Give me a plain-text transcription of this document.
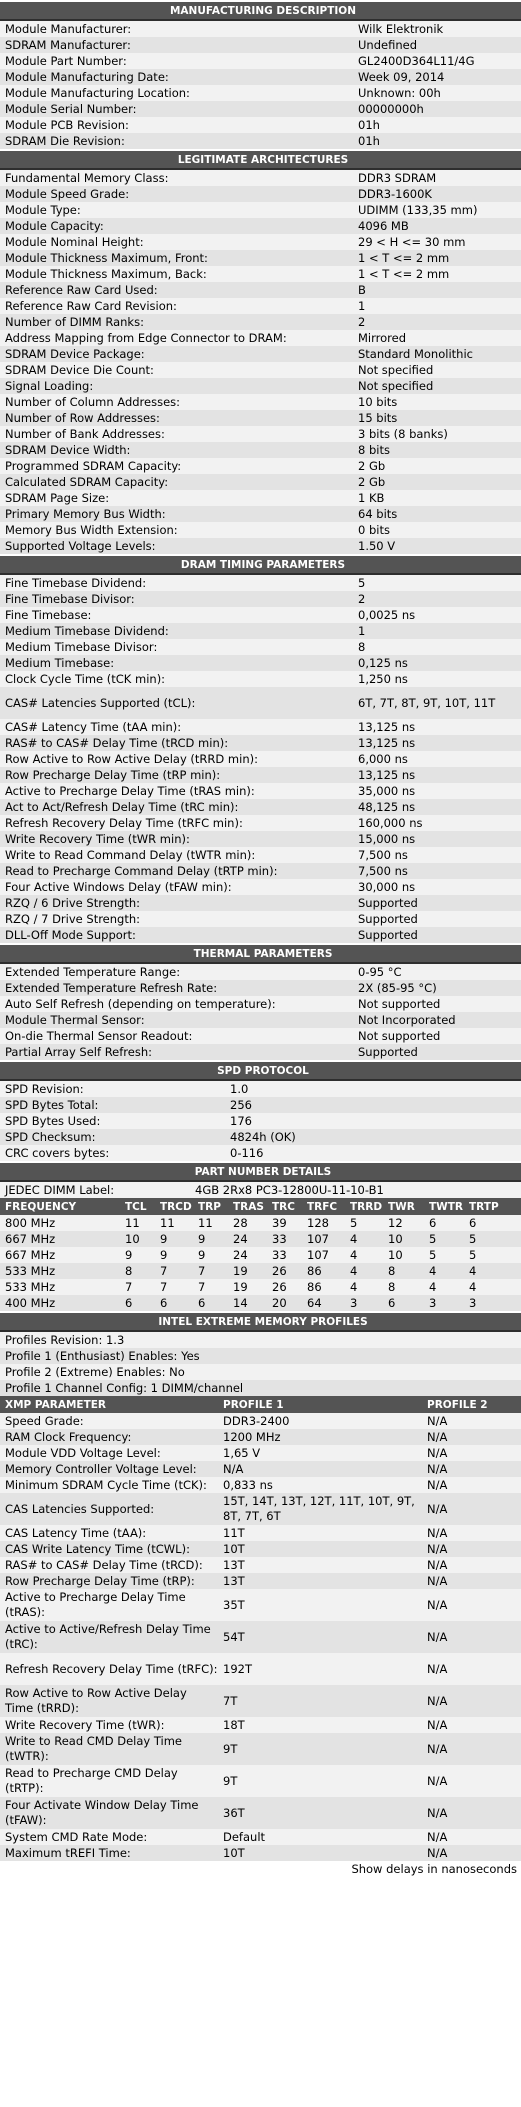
MANUFACTURING DESCRIPTION	
Module Manufacturer:	Wilk Elektronik
SDRAM Manufacturer:	Undefined
Module Part Number:	GL2400D364L11/4G
Module Manufacturing Date:	Week 09, 2014
Module Manufacturing Location:	Unknown: 00h
Module Serial Number:	00000000h
Module PCB Revision:	01h
SDRAM Die Revision:	01h
LEGITIMATE ARCHITECTURES	
Fundamental Memory Class:	DDR3 SDRAM
Module Speed Grade:	DDR3-1600K
Module Type:	UDIMM (133,35 mm)
Module Capacity:	4096 MB
Module Nominal Height:	29 < H <= 30 mm
Module Thickness Maximum, Front:	1 < T <= 2 mm
Module Thickness Maximum, Back:	1 < T <= 2 mm
Reference Raw Card Used:	B
Reference Raw Card Revision:	1
Number of DIMM Ranks:	2
Address Mapping from Edge Connector to DRAM:	Mirrored
SDRAM Device Package:	Standard Monolithic
SDRAM Device Die Count:	Not specified
Signal Loading:	Not specified
Number of Column Addresses:	10 bits
Number of Row Addresses:	15 bits
Number of Bank Addresses:	3 bits (8 banks)
SDRAM Device Width:	8 bits
Programmed SDRAM Capacity:	2 Gb
Calculated SDRAM Capacity:	2 Gb
SDRAM Page Size:	1 KB
Primary Memory Bus Width:	64 bits
Memory Bus Width Extension:	0 bits
Supported Voltage Levels:	1.50 V
DRAM TIMING PARAMETERS	
Fine Timebase Dividend:	5
Fine Timebase Divisor:	2
Fine Timebase:	0,0025 ns
Medium Timebase Dividend:	1
Medium Timebase Divisor:	8
Medium Timebase:	0,125 ns
Clock Cycle Time (tCK min):	1,250 ns
CAS# Latencies Supported (tCL):	6T, 7T, 8T, 9T, 10T, 11T
CAS# Latency Time (tAA min):	13,125 ns
RAS# to CAS# Delay Time (tRCD min):	13,125 ns
Row Active to Row Active Delay (tRRD min):	6,000 ns
Row Precharge Delay Time (tRP min):	13,125 ns
Active to Precharge Delay Time (tRAS min):	35,000 ns
Act to Act/Refresh Delay Time (tRC min):	48,125 ns
Refresh Recovery Delay Time (tRFC min):	160,000 ns
Write Recovery Time (tWR min):	15,000 ns
Write to Read Command Delay (tWTR min):	7,500 ns
Read to Precharge Command Delay (tRTP min):	7,500 ns
Four Active Windows Delay (tFAW min):	30,000 ns
RZQ / 6 Drive Strength:	Supported
RZQ / 7 Drive Strength:	Supported
DLL-Off Mode Support:	Supported
THERMAL PARAMETERS	
Extended Temperature Range:	0-95 °C
Extended Temperature Refresh Rate:	2X (85-95 °C)
Auto Self Refresh (depending on temperature):	Not supported
Module Thermal Sensor:	Not Incorporated
On-die Thermal Sensor Readout:	Not supported
Partial Array Self Refresh:	Supported
SPD PROTOCOL	
SPD Revision:	1.0
SPD Bytes Total:	256
SPD Bytes Used:	176
SPD Checksum:	4824h (OK)
CRC covers bytes:	0-116
PART NUMBER DETAILS
JEDEC DIMM Label:	4GB 2Rx8 PC3-12800U-11-10-B1
FREQUENCY	TCL	TRCD	TRP	TRAS	TRC	TRFC	TRRD	TWR	TWTR	TRTP
800 MHz	11	11	11	28	39	128	5	12	6	6
667 MHz	10	9	9	24	33	107	4	10	5	5
667 MHz	9	9	9	24	33	107	4	10	5	5
533 MHz	8	7	7	19	26	86	4	8	4	4
533 MHz	7	7	7	19	26	86	4	8	4	4
400 MHz	6	6	6	14	20	64	3	6	3	3
INTEL EXTREME MEMORY PROFILES		
Profiles Revision: 1.3		
Profile 1 (Enthusiast) Enables: Yes		
Profile 2 (Extreme) Enables: No		
Profile 1 Channel Config: 1 DIMM/channel		
XMP PARAMETER	PROFILE 1	PROFILE 2
Speed Grade:	DDR3-2400	N/A
RAM Clock Frequency:	1200 MHz	N/A
Module VDD Voltage Level:	1,65 V	N/A
Memory Controller Voltage Level:	N/A	N/A
Minimum SDRAM Cycle Time (tCK):	0,833 ns	N/A
CAS Latencies Supported:	15T, 14T, 13T, 12T, 11T, 10T, 9T, 8T, 7T, 6T	N/A
CAS Latency Time (tAA):	11T	N/A
CAS Write Latency Time (tCWL):	10T	N/A
RAS# to CAS# Delay Time (tRCD):	13T	N/A
Row Precharge Delay Time (tRP):	13T	N/A
Active to Precharge Delay Time (tRAS):	35T	N/A
Active to Active/Refresh Delay Time (tRC):	54T	N/A
Refresh Recovery Delay Time (tRFC):	192T	N/A
Row Active to Row Active Delay Time (tRRD):	7T	N/A
Write Recovery Time (tWR):	18T	N/A
Write to Read CMD Delay Time (tWTR):	9T	N/A
Read to Precharge CMD Delay (tRTP):	9T	N/A
Four Activate Window Delay Time (tFAW):	36T	N/A
System CMD Rate Mode:	Default	N/A
Maximum tREFI Time:	10T	N/A
Show delays in nanoseconds
